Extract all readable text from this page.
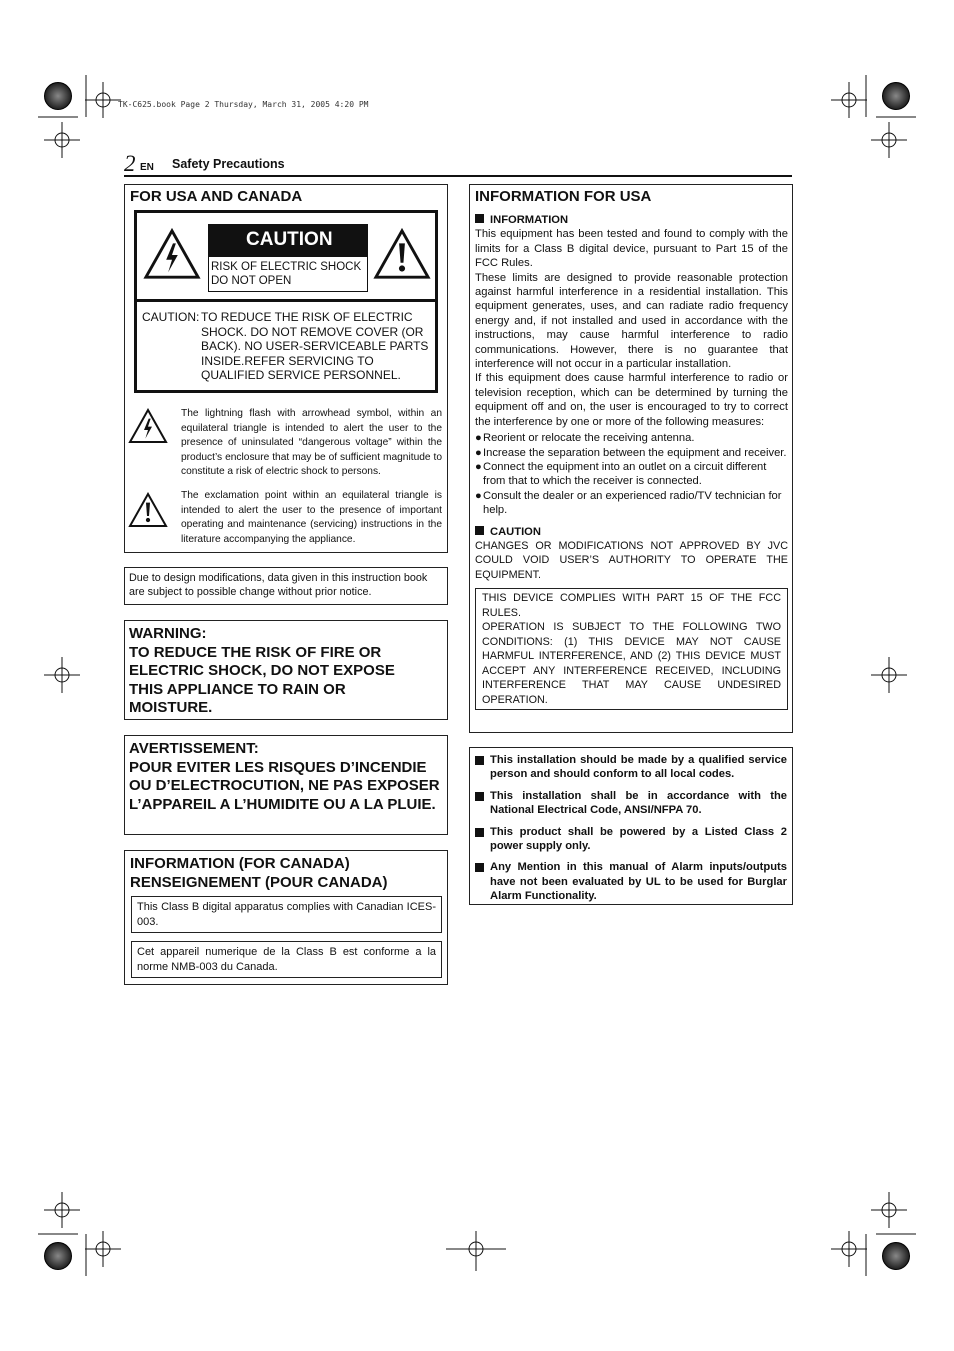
TK-C625.book Page 2 Thursday, March 31, 2005 4:20 PM
2 EN Safety Precautions
FOR USA AND CANADA
CAUTION
RISK OF ELECTRIC SHOCK
DO NOT OPEN
CAUTION: TO REDUCE THE RISK OF ELECTRIC SHOCK. DO NOT REMOVE COVER (OR BACK). NO USER-SERVICEABLE PARTS INSIDE.REFER SERVICING TO QUALIFIED SERVICE PERSONNEL.
The lightning flash with arrowhead symbol, within an equilateral triangle is intended to alert the user to the presence of uninsulated “dangerous voltage” within the product’s enclosure that may be of sufficient magnitude to constitute a risk of electric shock to persons.
The exclamation point within an equilateral triangle is intended to alert the user to the presence of important operating and maintenance (servicing) instructions in the literature accompanying the appliance.
Due to design modifications, data given in this instruction book are subject to possible change without prior notice.
WARNING:
TO REDUCE THE RISK OF FIRE OR ELECTRIC SHOCK, DO NOT EXPOSE THIS APPLIANCE TO RAIN OR MOISTURE.
AVERTISSEMENT:
POUR EVITER LES RISQUES D’INCENDIE OU D’ELECTROCUTION, NE PAS EXPOSER L’APPAREIL A L’HUMIDITE OU A LA PLUIE.
INFORMATION (FOR CANADA)
RENSEIGNEMENT (POUR CANADA)
This Class B digital apparatus complies with Canadian ICES-003.
Cet appareil numerique de la Class B est conforme a la norme NMB-003 du Canada.
INFORMATION FOR USA
INFORMATION
This equipment has been tested and found to comply with the limits for a Class B digital device, pursuant to Part 15 of the FCC Rules.
These limits are designed to provide reasonable protection against harmful interference in a residential installation. This equipment generates, uses, and can radiate radio frequency energy and, if not installed and used in accordance with the instructions, may cause harmful interference to radio communications. However, there is no guarantee that interference will not occur in a particular installation.
If this equipment does cause harmful interference to radio or television reception, which can be determined by turning the equipment off and on, the user is encouraged to try to correct the interference by one or more of the following measures:
● Reorient or relocate the receiving antenna.
● Increase the separation between the equipment and receiver.
● Connect the equipment into an outlet on a circuit different from that to which the receiver is connected.
● Consult the dealer or an experienced radio/TV technician for help.
CAUTION
CHANGES OR MODIFICATIONS NOT APPROVED BY JVC COULD VOID USER’S AUTHORITY TO OPERATE THE EQUIPMENT.
THIS DEVICE COMPLIES WITH PART 15 OF THE FCC RULES.
OPERATION IS SUBJECT TO THE FOLLOWING TWO CONDITIONS: (1) THIS DEVICE MAY NOT CAUSE HARMFUL INTERFERENCE, AND (2) THIS DEVICE MUST ACCEPT ANY INTERFERENCE RECEIVED, INCLUDING INTERFERENCE THAT MAY CAUSE UNDESIRED OPERATION.
This installation should be made by a qualified service person and should conform to all local codes.
This installation shall be in accordance with the National Electrical Code, ANSI/NFPA 70.
This product shall be powered by a Listed Class 2 power supply only.
Any Mention in this manual of Alarm inputs/outputs have not been evaluated by UL to be used for Burglar Alarm Functionality.
